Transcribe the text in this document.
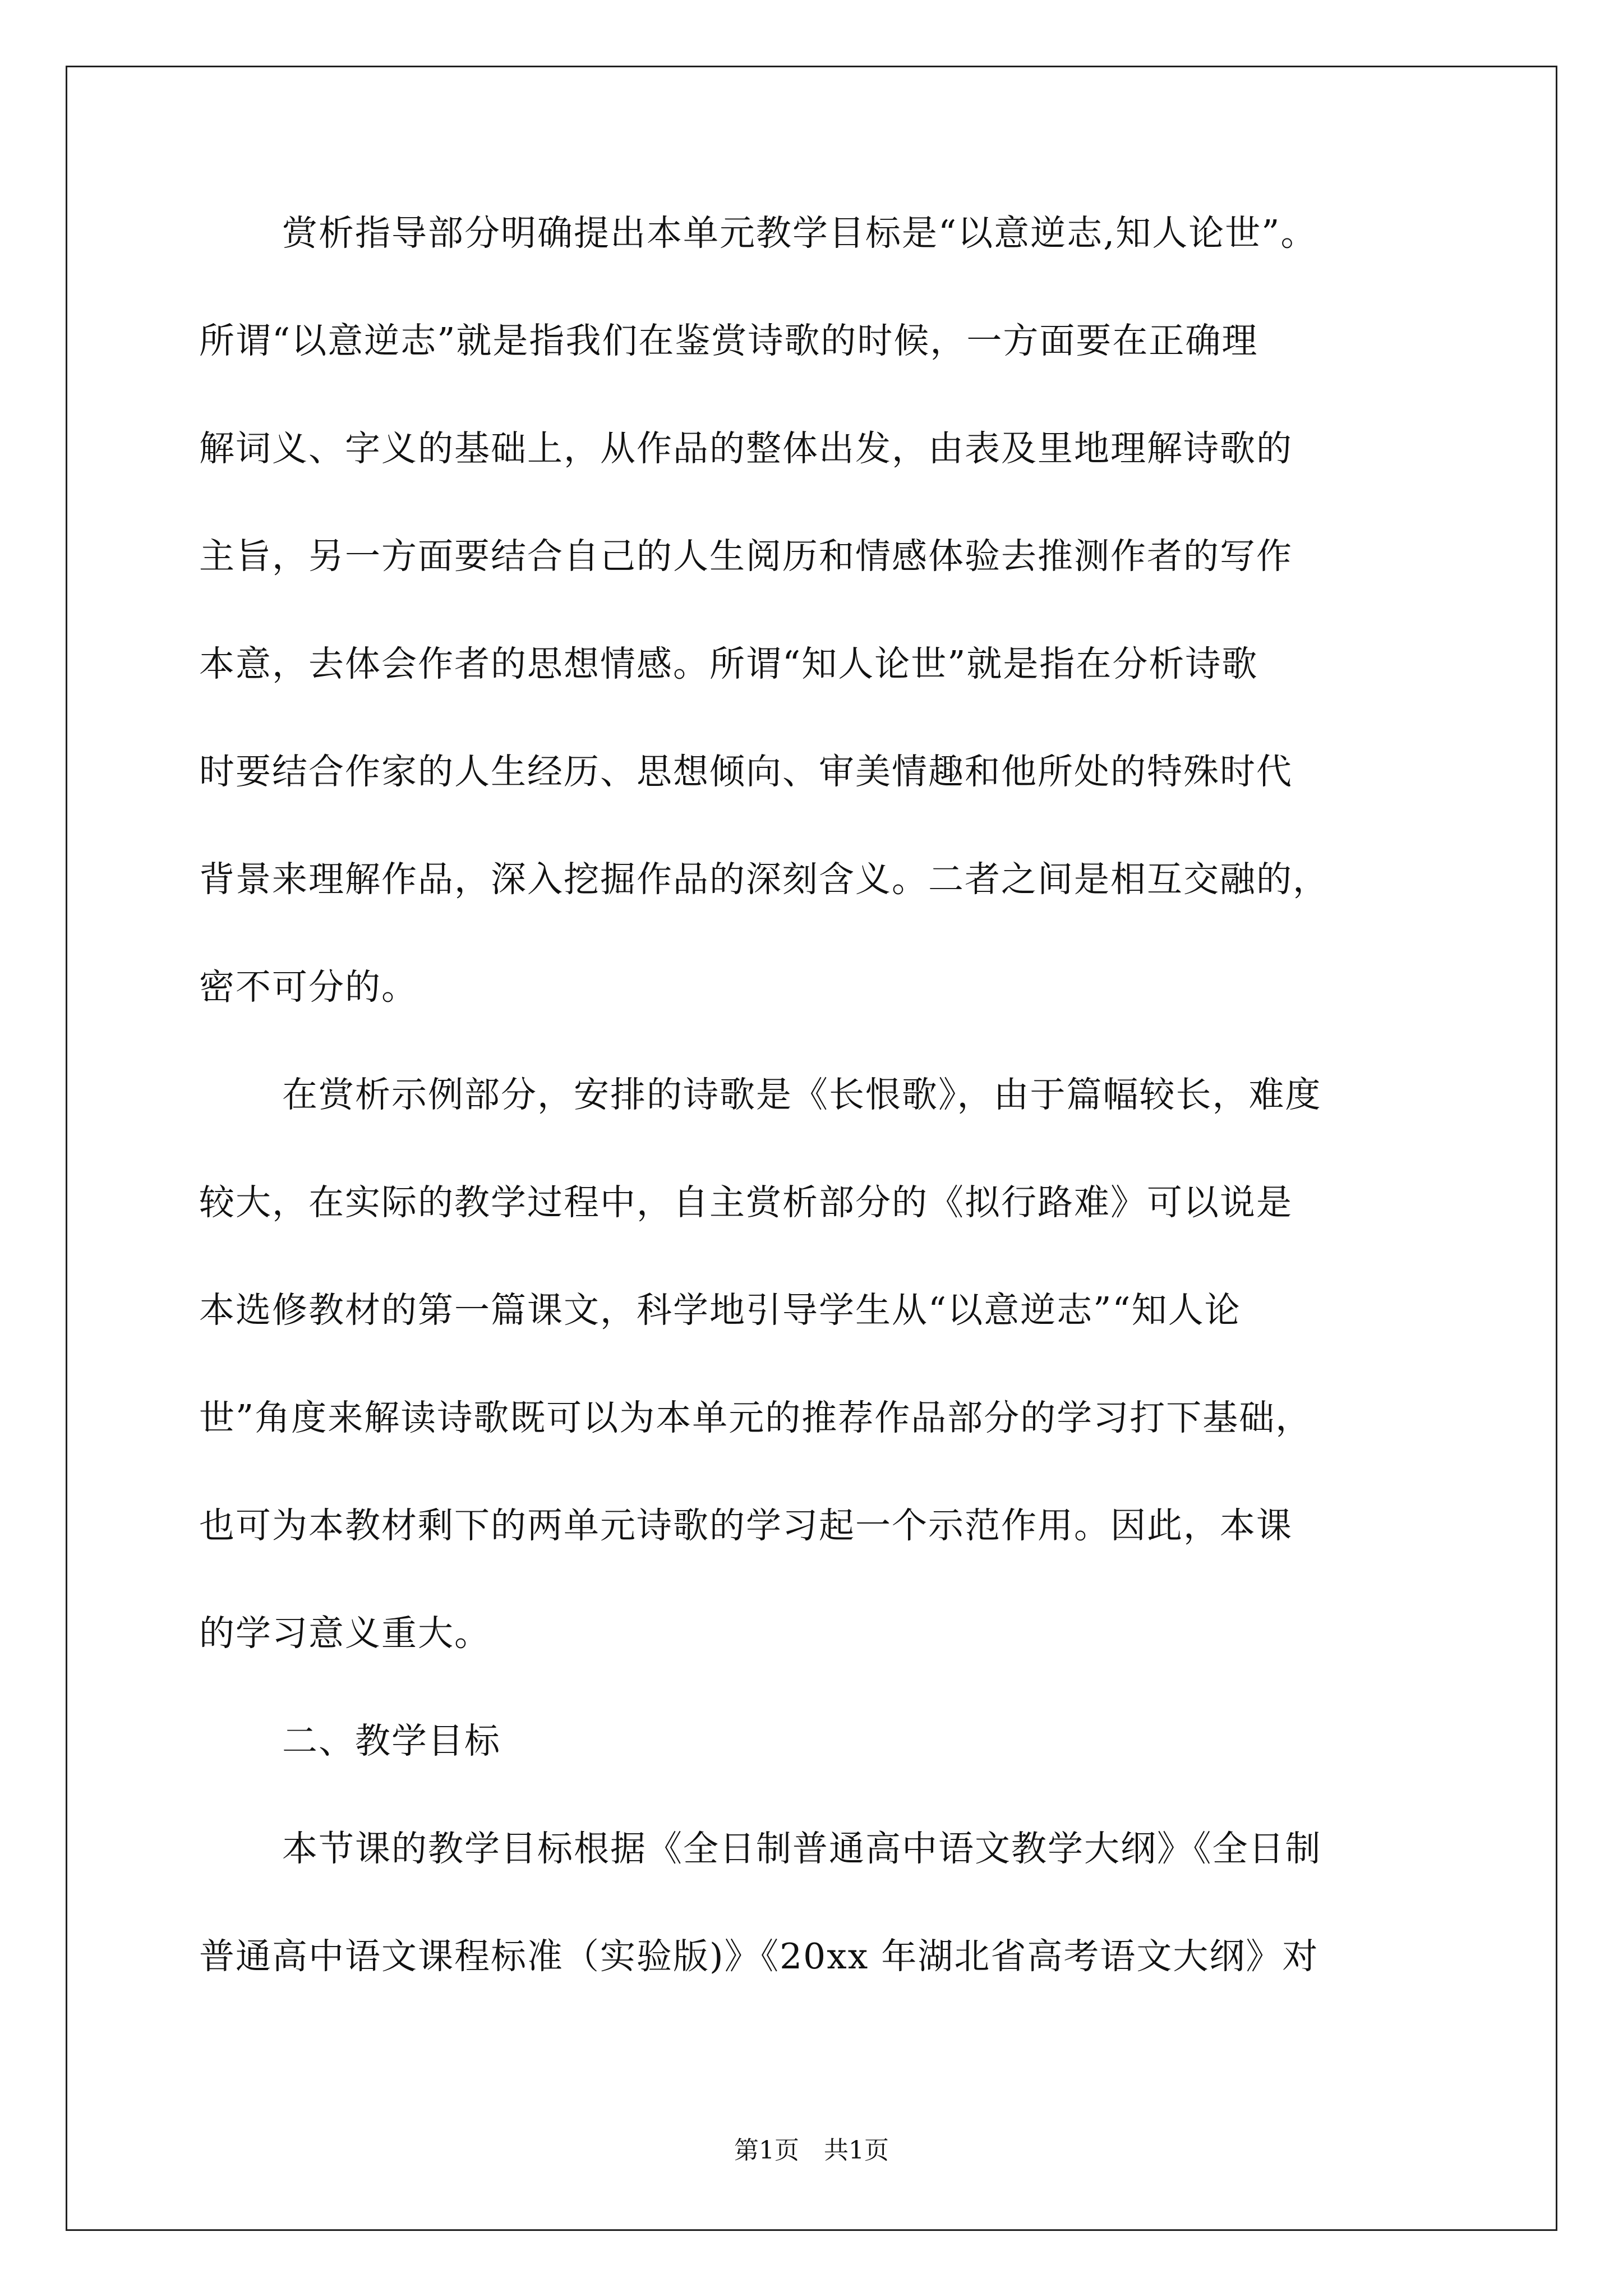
赏析指导部分明确提出本单元教学目标是“以意逆志,知人论世”。
所谓“以意逆志”就是指我们在鉴赏诗歌的时候，一方面要在正确理
解词义、字义的基础上，从作品的整体出发，由表及里地理解诗歌的
主旨，另一方面要结合自己的人生阅历和情感体验去推测作者的写作
本意，去体会作者的思想情感。所谓“知人论世”就是指在分析诗歌
时要结合作家的人生经历、思想倾向、审美情趣和他所处的特殊时代
背景来理解作品，深入挖掘作品的深刻含义。二者之间是相互交融的，
密不可分的。
在赏析示例部分，安排的诗歌是《长恨歌》，由于篇幅较长，难度
较大，在实际的教学过程中，自主赏析部分的《拟行路难》可以说是
本选修教材的第一篇课文，科学地引导学生从“以意逆志”“知人论
世”角度来解读诗歌既可以为本单元的推荐作品部分的学习打下基础，
也可为本教材剩下的两单元诗歌的学习起一个示范作用。因此，本课
的学习意义重大。
二、教学目标
本节课的教学目标根据《全日制普通高中语文教学大纲》《全日制
普通高中语文课程标准（实验版)》《20xx 年湖北省高考语文大纲》对
第1页　共1页
